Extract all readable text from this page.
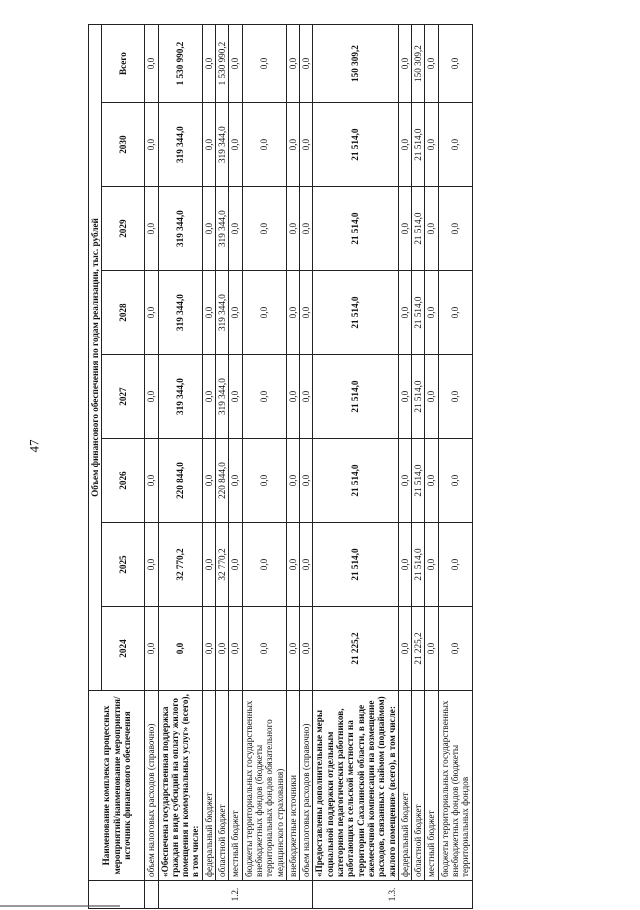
47
	Наименование комплекса процессных мероприятий/наименование мероприятия/ источник финансового обеспечения	Объем финансового обеспечения по годам реализации, тыс. рублей							
		2024	2025	2026	2027	2028	2029	2030	Всего
	объем налоговых расходов (справочно)	0,0	0,0	0,0	0,0	0,0	0,0	0,0	0,0
1.2.	«Обеспечена государственная поддержка граждан в виде субсидий на оплату жилого помещения и коммунальных услуг» (всего), в том числе:	0,0	32 770,2	220 844,0	319 344,0	319 344,0	319 344,0	319 344,0	1 530 990,2
	федеральный бюджет	0,0	0,0	0,0	0,0	0,0	0,0	0,0	0,0
	областной бюджет	0,0	32 770,2	220 844,0	319 344,0	319 344,0	319 344,0	319 344,0	1 530 990,2
	местный бюджет	0,0	0,0	0,0	0,0	0,0	0,0	0,0	0,0
	бюджеты территориальных государственных внебюджетных фондов (бюджеты территориальных фондов обязательного медицинского страхования)	0,0	0,0	0,0	0,0	0,0	0,0	0,0	0,0
	внебюджетные источники	0,0	0,0	0,0	0,0	0,0	0,0	0,0	0,0
	объем налоговых расходов (справочно)	0,0	0,0	0,0	0,0	0,0	0,0	0,0	0,0
1.3.	«Предоставлены дополнительные меры социальной поддержки отдельным категориям педагогических работников, работающих в сельской местности на территории Сахалинской области, в виде ежемесячной компенсации на возмещение расходов, связанных с наймом (поднаймом) жилого помещения» (всего), в том числе:	21 225,2	21 514,0	21 514,0	21 514,0	21 514,0	21 514,0	21 514,0	150 309,2
	федеральный бюджет	0,0	0,0	0,0	0,0	0,0	0,0	0,0	0,0
	областной бюджет	21 225,2	21 514,0	21 514,0	21 514,0	21 514,0	21 514,0	21 514,0	150 309,2
	местный бюджет	0,0	0,0	0,0	0,0	0,0	0,0	0,0	0,0
	бюджеты территориальных государственных внебюджетных фондов (бюджеты территориальных фондов	0,0	0,0	0,0	0,0	0,0	0,0	0,0	0,0
